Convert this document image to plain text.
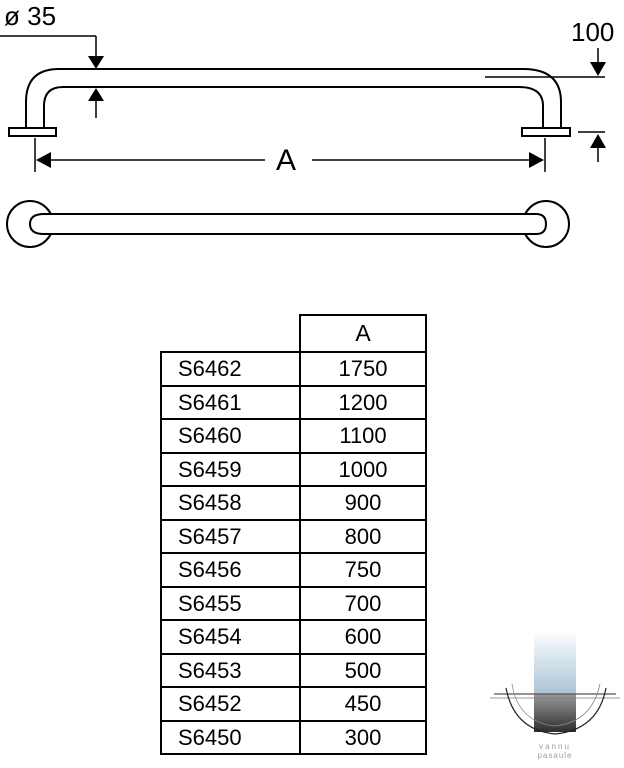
ø 35
100
A
	A
S6462	1750
S6461	1200
S6460	1100
S6459	1000
S6458	900
S6457	800
S6456	750
S6455	700
S6454	600
S6453	500
S6452	450
S6450	300	vannu
pasaule
